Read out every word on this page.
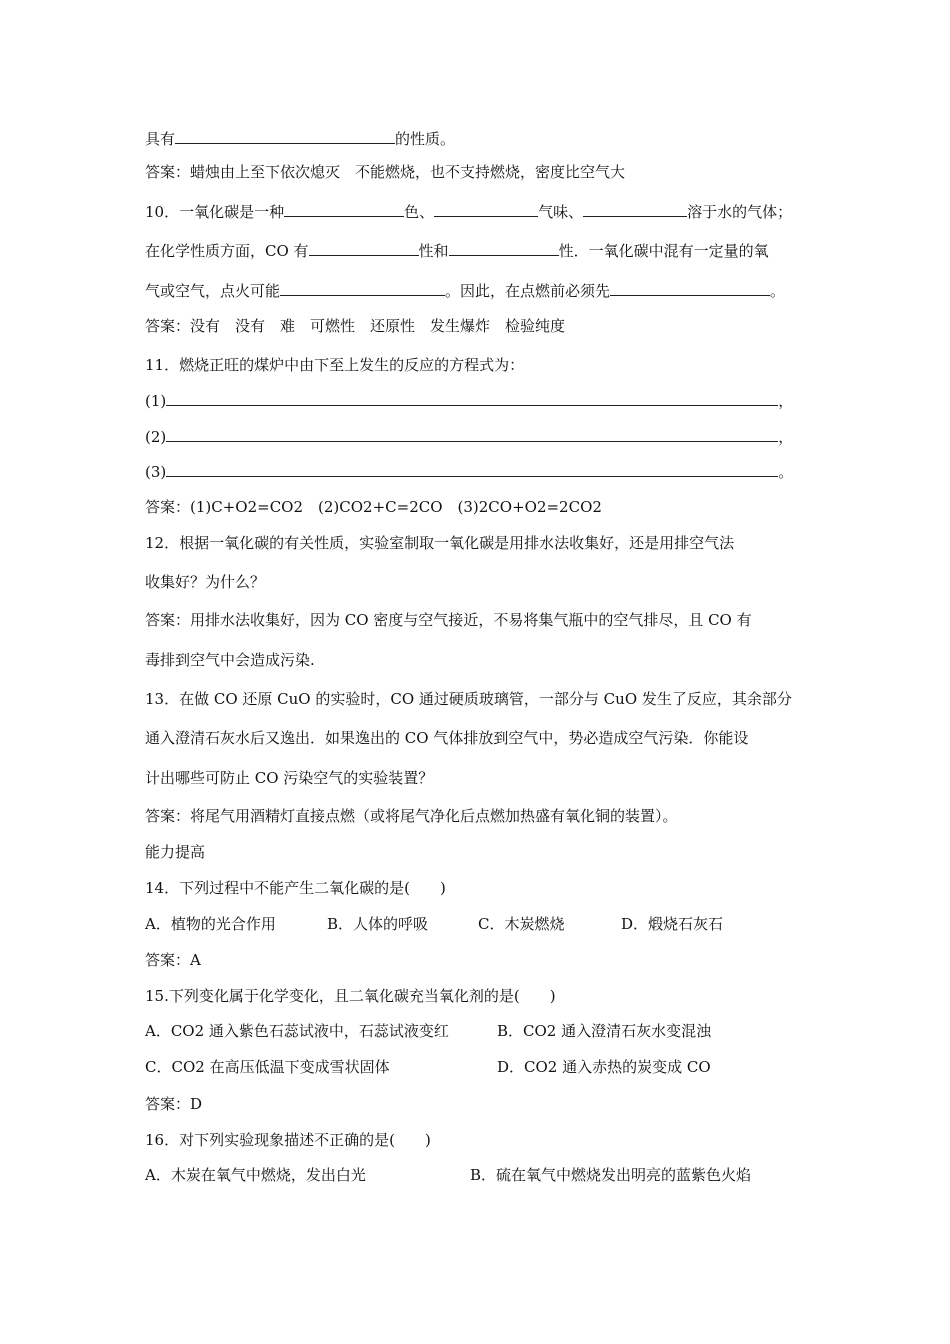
具有	的性质。
答案：蜡烛由上至下依次熄灭　不能燃烧，也不支持燃烧，密度比空气大
10．一氧化碳是一种	色、	气味、	溶于水的气体；
在化学性质方面，CO 有	性和	性．一氧化碳中混有一定量的氧
气或空气，点火可能	。因此，在点燃前必须先	。
答案：没有　没有　难　可燃性　还原性　发生爆炸　检验纯度
11．燃烧正旺的煤炉中由下至上发生的反应的方程式为：
(1)	，
(2)	，
(3)	。
答案：(1)C+O2=CO2　(2)CO2+C=2CO　(3)2CO+O2=2CO2
12．根据一氧化碳的有关性质，实验室制取一氧化碳是用排水法收集好，还是用排空气法
收集好？为什么？
答案：用排水法收集好，因为 CO 密度与空气接近，不易将集气瓶中的空气排尽，且 CO 有
毒排到空气中会造成污染.
13．在做 CO 还原 CuO 的实验时，CO 通过硬质玻璃管，一部分与 CuO 发生了反应，其余部分
通入澄清石灰水后又逸出．如果逸出的 CO 气体排放到空气中，势必造成空气污染．你能设
计出哪些可防止 CO 污染空气的实验装置？
答案：将尾气用酒精灯直接点燃（或将尾气净化后点燃加热盛有氧化铜的装置）。
能力提高
14．下列过程中不能产生二氧化碳的是(　　)
A．植物的光合作用	B．人体的呼吸	C．木炭燃烧	D．煅烧石灰石
答案：A
15.下列变化属于化学变化，且二氧化碳充当氧化剂的是(　　)
A．CO2 通入紫色石蕊试液中，石蕊试液变红	B．CO2 通入澄清石灰水变混浊
C．CO2 在高压低温下变成雪状固体	D．CO2 通入赤热的炭变成 CO
答案：D
16．对下列实验现象描述不正确的是(　　)
A．木炭在氧气中燃烧，发出白光	B．硫在氧气中燃烧发出明亮的蓝紫色火焰
